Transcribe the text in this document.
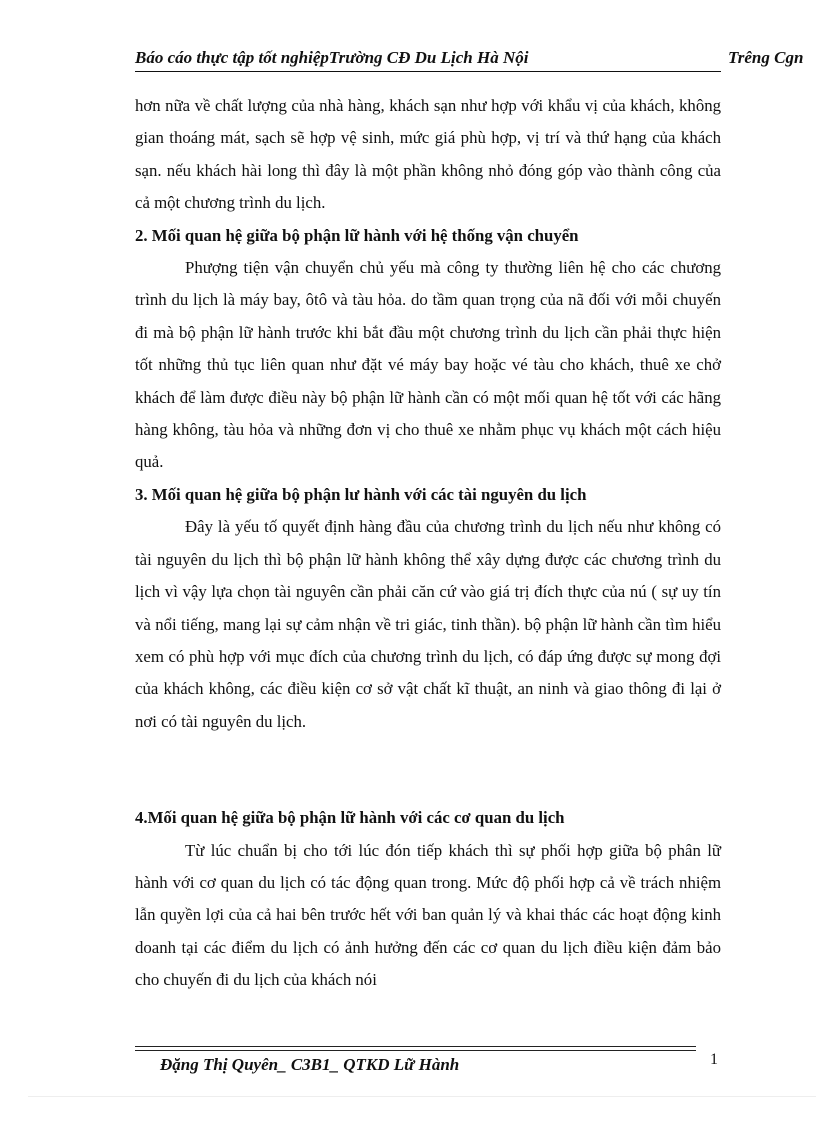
Báo cáo thực tập tốt nghiệpTrường CĐ Du Lịch Hà Nội	Trêng Cgn

hơn nữa về chất lượng của nhà hàng, khách sạn như hợp với khẩu vị của khách, không gian thoáng mát, sạch sẽ hợp vệ sinh, mức giá phù hợp, vị trí và thứ hạng của khách sạn. nếu khách hài long thì đây là một phần không nhỏ đóng góp vào thành công của cả một chương trình du lịch.

2. Mối quan hệ giữa bộ phận lữ hành với hệ thống vận chuyển

Phượng tiện vận chuyển chủ yếu mà công ty thường liên hệ cho các chương trình du lịch là máy bay, ôtô và tàu hỏa. do tầm quan trọng của nã đối với mỗi chuyến đi mà bộ phận lữ hành trước khi bắt đầu một chương trình du lịch cần phải thực hiện tốt những thủ tục liên quan như đặt vé máy bay hoặc vé tàu cho khách, thuê xe chở khách để làm được điều này bộ phận lữ hành cần có một mối quan hệ tốt với các hãng hàng không, tàu hỏa và những đơn vị cho thuê xe nhằm phục vụ khách một cách hiệu quả.

3. Mối quan hệ giữa bộ phận lư hành với các tài nguyên du lịch

Đây là yếu tố quyết định hàng đầu của chương trình du lịch nếu như không có tài nguyên du lịch thì bộ phận lữ hành không thể xây dựng được các chương trình du lịch vì vậy lựa chọn tài nguyên cần phải căn cứ vào giá trị đích thực của nú ( sự uy tín và nổi tiếng, mang lại sự cảm nhận về tri giác, tinh thần). bộ phận lữ hành cần tìm hiểu xem có phù hợp với mục đích của chương trình du lịch, có đáp ứng được sự mong đợi của khách không, các điều kiện cơ sở vật chất kĩ thuật, an ninh và giao thông đi lại ở nơi có tài nguyên du lịch.

4.Mối quan hệ giữa bộ phận lữ hành với các cơ quan du lịch

Từ lúc chuẩn bị cho tới lúc đón tiếp khách thì sự phối hợp giữa bộ phân lữ hành với cơ quan du lịch có tác động quan trong. Mức độ phối hợp cả về trách nhiệm lẫn quyền lợi của cả hai bên trước hết với ban quản lý và khai thác các hoạt động kinh doanh tại các điểm du lịch có ảnh hưởng đến các cơ quan du lịch điều kiện đảm bảo cho chuyến đi du lịch của khách nói

Đặng Thị Quyên_ C3B1_ QTKD Lữ Hành	1
